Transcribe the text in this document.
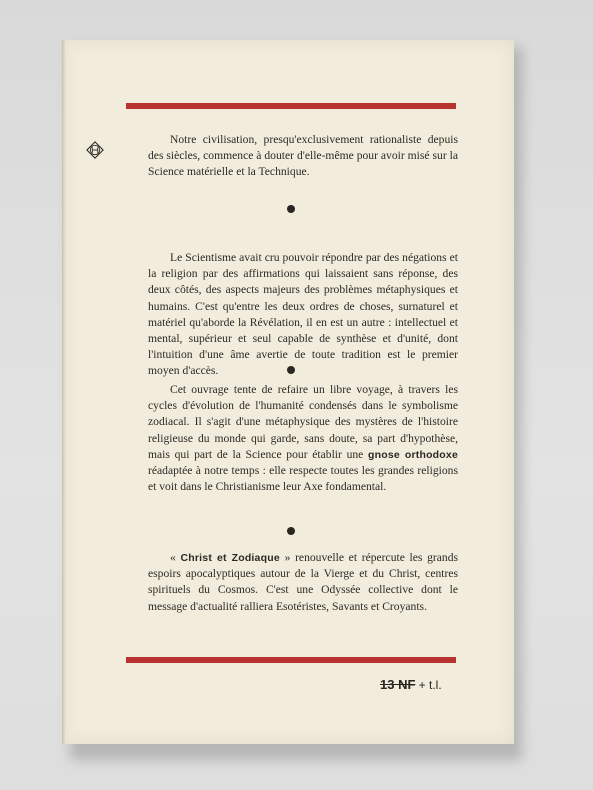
Notre civilisation, presqu'exclusivement rationaliste depuis des siècles, commence à douter d'elle-même pour avoir misé sur la Science matérielle et la Technique.

Le Scientisme avait cru pouvoir répondre par des négations et la religion par des affirmations qui laissaient sans réponse, des deux côtés, des aspects majeurs des problèmes métaphysiques et humains. C'est qu'entre les deux ordres de choses, surnaturel et matériel qu'aborde la Révélation, il en est un autre : intellectuel et mental, supérieur et seul capable de synthèse et d'unité, dont l'intuition d'une âme avertie de toute tradition est le premier moyen d'accès.

Cet ouvrage tente de refaire un libre voyage, à travers les cycles d'évolution de l'humanité condensés dans le symbolisme zodiacal. Il s'agit d'une métaphysique des mystères de l'histoire religieuse du monde qui garde, sans doute, sa part d'hypothèse, mais qui part de la Science pour établir une gnose orthodoxe réadaptée à notre temps : elle respecte toutes les grandes religions et voit dans le Christianisme leur Axe fondamental.

« Christ et Zodiaque » renouvelle et répercute les grands espoirs apocalyptiques autour de la Vierge et du Christ, centres spirituels du Cosmos. C'est une Odyssée collective dont le message d'actualité ralliera Esotéristes, Savants et Croyants.

13 NF + t.l.
